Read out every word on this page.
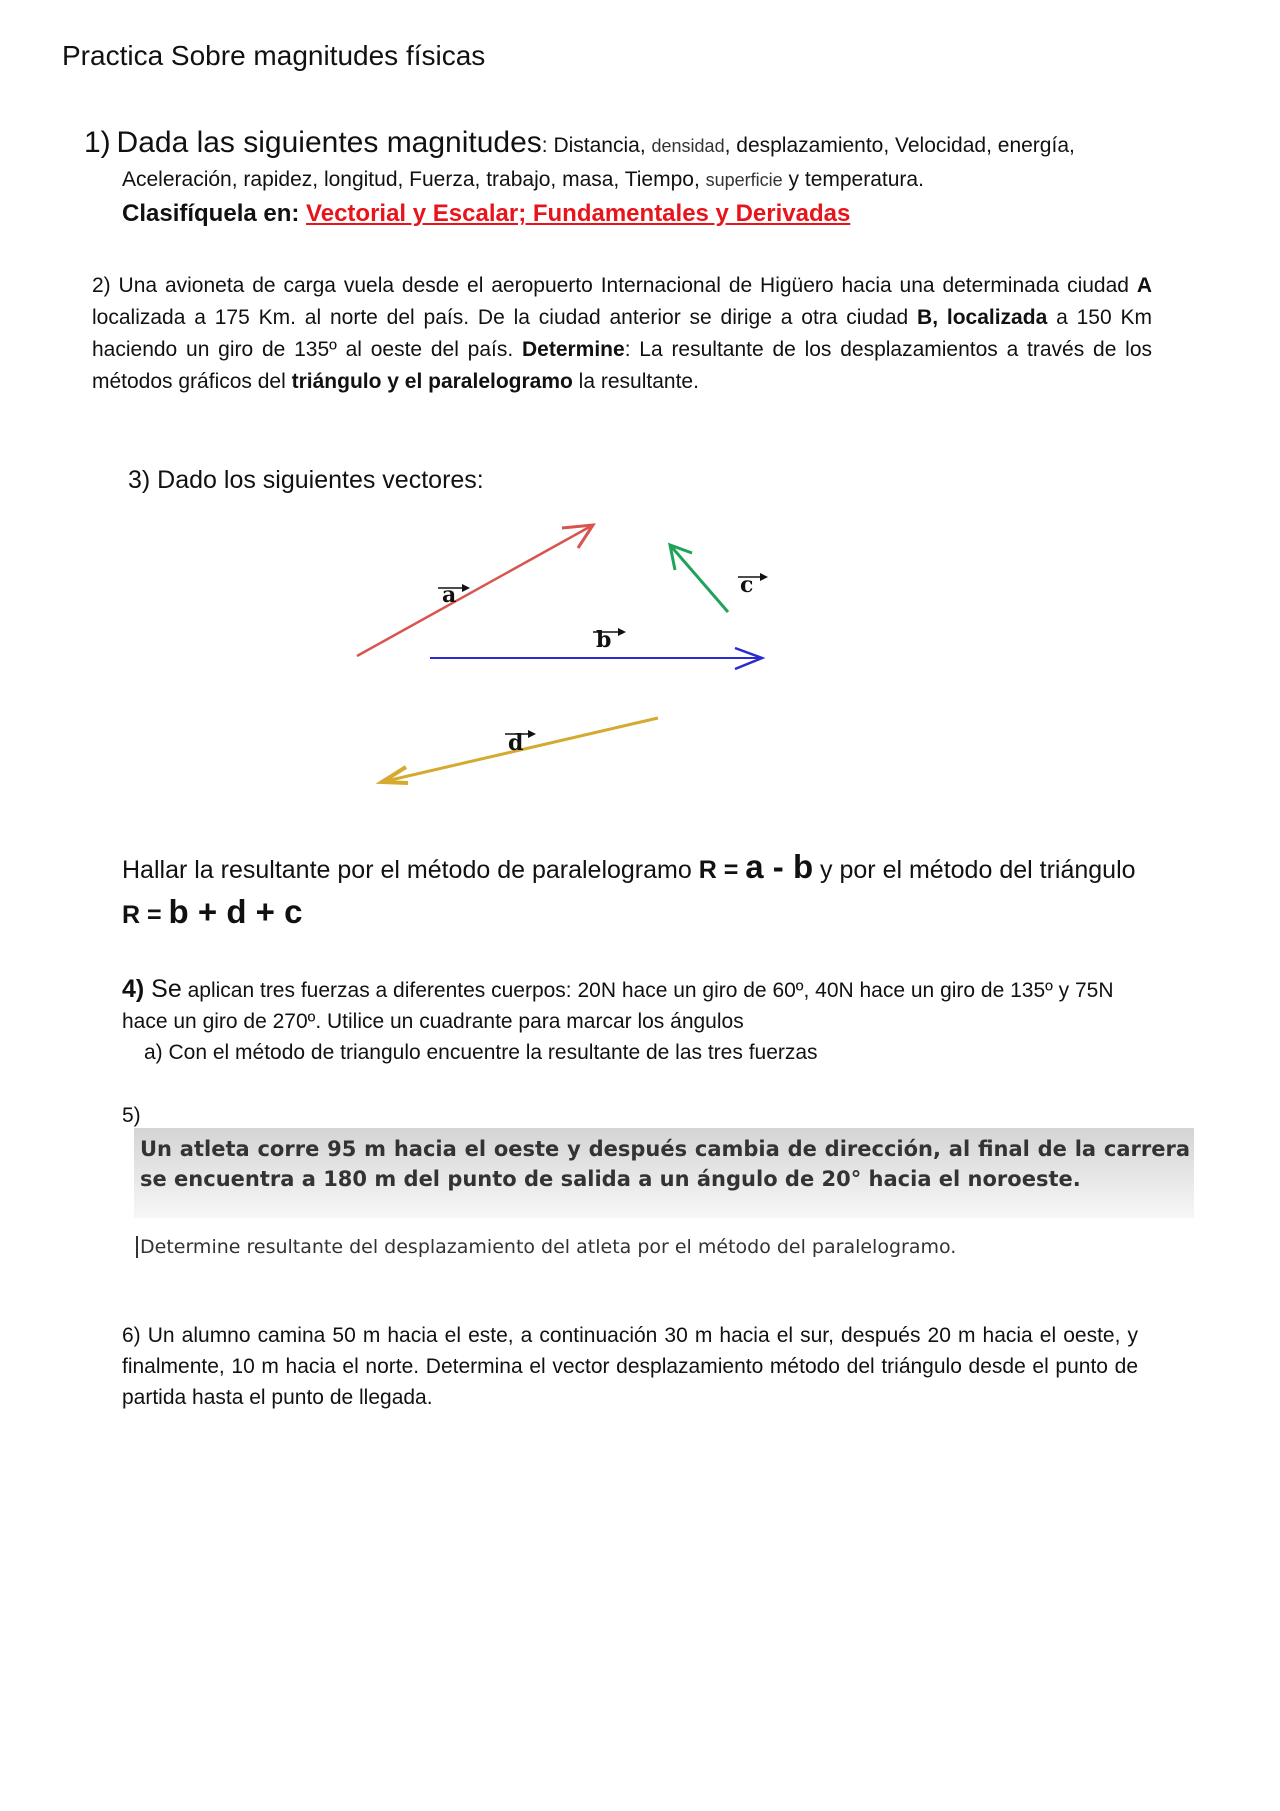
Practica Sobre magnitudes físicas
1) Dada las siguientes magnitudes: Distancia, densidad, desplazamiento, Velocidad, energía,
Aceleración, rapidez, longitud, Fuerza, trabajo, masa, Tiempo, superficie y temperatura.
Clasifíquela en: Vectorial y Escalar; Fundamentales y Derivadas
2) Una avioneta de carga vuela desde el aeropuerto Internacional de Higüero hacia una determinada ciudad A localizada a 175 Km. al norte del país. De la ciudad anterior se dirige a otra ciudad B, localizada a 150 Km haciendo un giro de 135º al oeste del país. Determine: La resultante de los desplazamientos a través de los métodos gráficos del triángulo y el paralelogramo la resultante.
3) Dado los siguientes vectores:
a
b
c
d
Hallar la resultante por el método de paralelogramo R = a - b y por el método del triángulo R = b + d + c
4) Se aplican tres fuerzas a diferentes cuerpos: 20N hace un giro de 60º, 40N hace un giro de 135º y 75N hace un giro de 270º. Utilice un cuadrante para marcar los ángulos
a) Con el método de triangulo encuentre la resultante de las tres fuerzas
5)
Un atleta corre 95 m hacia el oeste y después cambia de dirección, al final de la carrera se encuentra a 180 m del punto de salida a un ángulo de 20° hacia el noroeste.
Determine resultante del desplazamiento del atleta por el método del paralelogramo.
6) Un alumno camina 50 m hacia el este, a continuación 30 m hacia el sur, después 20 m hacia el oeste, y finalmente, 10 m hacia el norte. Determina el vector desplazamiento método del triángulo desde el punto de partida hasta el punto de llegada.
